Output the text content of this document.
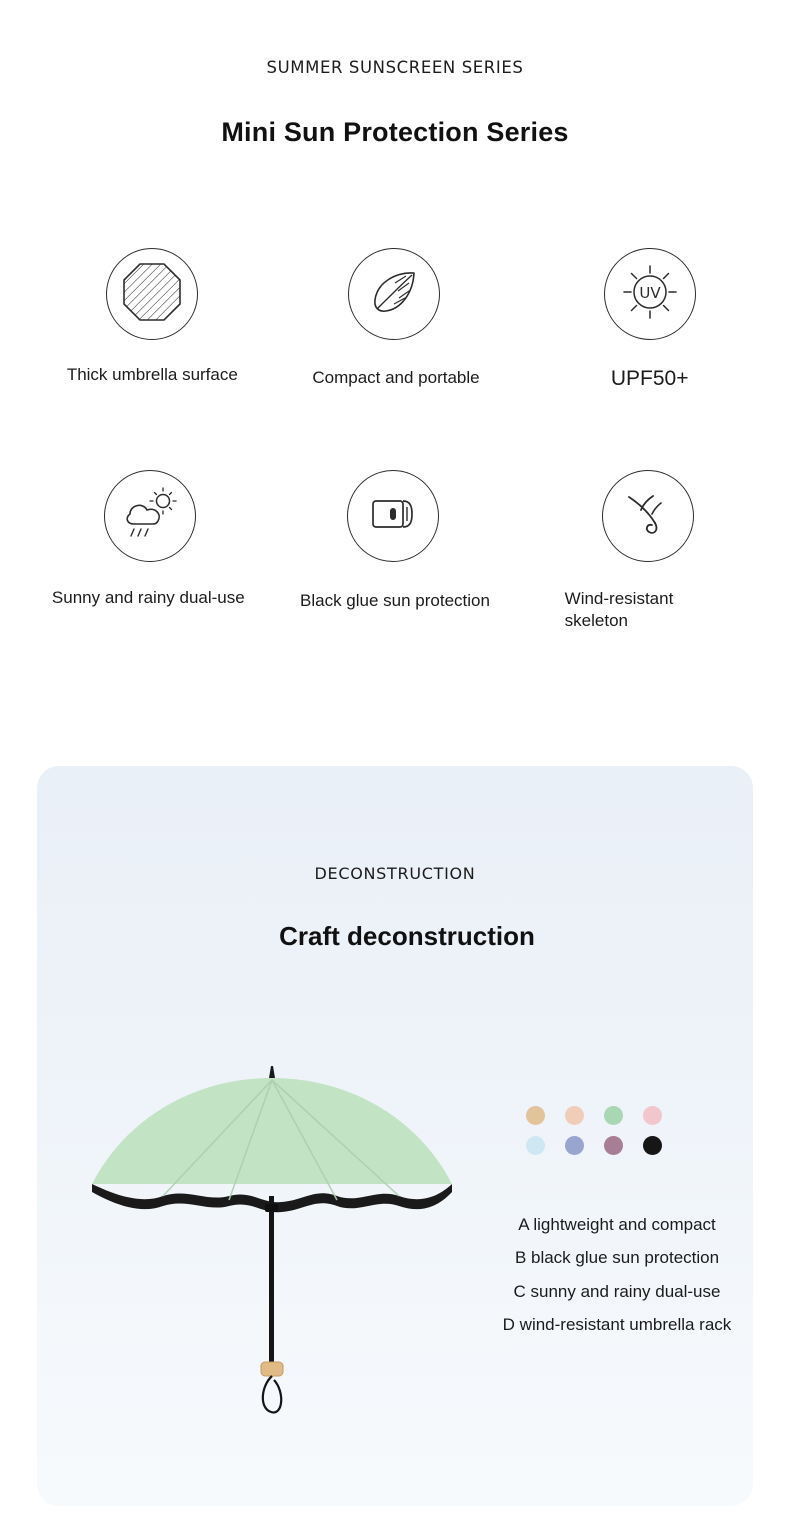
SUMMER SUNSCREEN SERIES
Mini Sun Protection Series
Thick umbrella surface	Compact and portable
UV
UPF50+
Sunny and rainy dual-use	Black glue sun protection	Wind-resistant skeleton
DECONSTRUCTION
Craft deconstruction
A lightweight and compact
B black glue sun protection
C sunny and rainy dual-use
D wind-resistant umbrella rack
